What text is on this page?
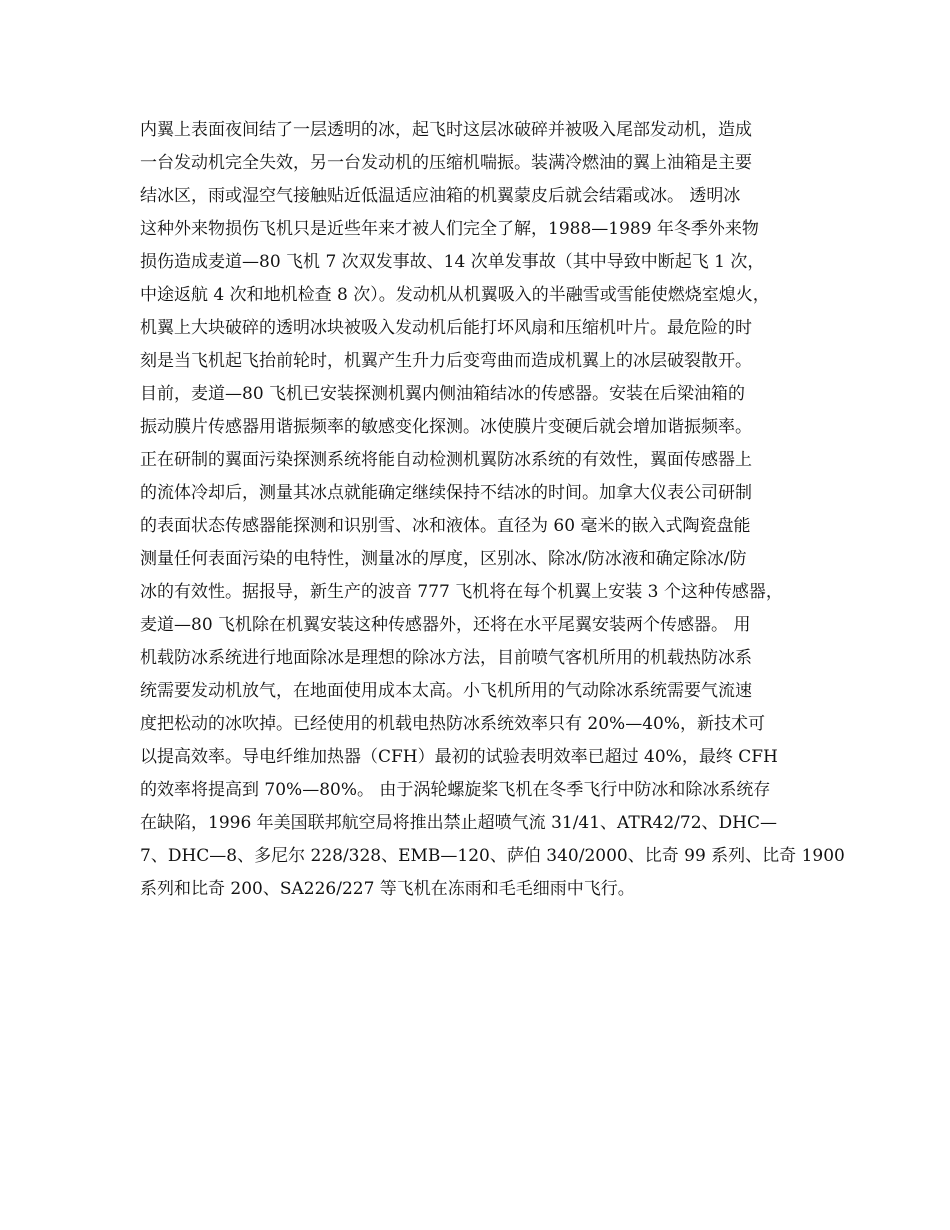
内翼上表面夜间结了一层透明的冰，起飞时这层冰破碎并被吸入尾部发动机，造成
一台发动机完全失效，另一台发动机的压缩机喘振。装满冷燃油的翼上油箱是主要
结冰区，雨或湿空气接触贴近低温适应油箱的机翼蒙皮后就会结霜或冰。 透明冰
这种外来物损伤飞机只是近些年来才被人们完全了解，1988—1989 年冬季外来物
损伤造成麦道—80 飞机 7 次双发事故、14 次单发事故（其中导致中断起飞 1 次，
中途返航 4 次和地机检查 8 次）。发动机从机翼吸入的半融雪或雪能使燃烧室熄火，
机翼上大块破碎的透明冰块被吸入发动机后能打坏风扇和压缩机叶片。最危险的时
刻是当飞机起飞抬前轮时，机翼产生升力后变弯曲而造成机翼上的冰层破裂散开。
目前，麦道—80 飞机已安装探测机翼内侧油箱结冰的传感器。安装在后梁油箱的
振动膜片传感器用谐振频率的敏感变化探测。冰使膜片变硬后就会增加谐振频率。
正在研制的翼面污染探测系统将能自动检测机翼防冰系统的有效性，翼面传感器上
的流体冷却后，测量其冰点就能确定继续保持不结冰的时间。加拿大仪表公司研制
的表面状态传感器能探测和识别雪、冰和液体。直径为 60 毫米的嵌入式陶瓷盘能
测量任何表面污染的电特性，测量冰的厚度，区别冰、除冰/防冰液和确定除冰/防
冰的有效性。据报导，新生产的波音 777 飞机将在每个机翼上安装 3 个这种传感器，
麦道—80 飞机除在机翼安装这种传感器外，还将在水平尾翼安装两个传感器。 用
机载防冰系统进行地面除冰是理想的除冰方法，目前喷气客机所用的机载热防冰系
统需要发动机放气，在地面使用成本太高。小飞机所用的气动除冰系统需要气流速
度把松动的冰吹掉。已经使用的机载电热防冰系统效率只有 20%—40%，新技术可
以提高效率。导电纤维加热器（CFH）最初的试验表明效率已超过 40%，最终 CFH
的效率将提高到 70%—80%。 由于涡轮螺旋桨飞机在冬季飞行中防冰和除冰系统存
在缺陷，1996 年美国联邦航空局将推出禁止超喷气流 31/41、ATR42/72、DHC—
7、DHC—8、多尼尔 228/328、EMB—120、萨伯 340/2000、比奇 99 系列、比奇 1900
系列和比奇 200、SA226/227 等飞机在冻雨和毛毛细雨中飞行。
